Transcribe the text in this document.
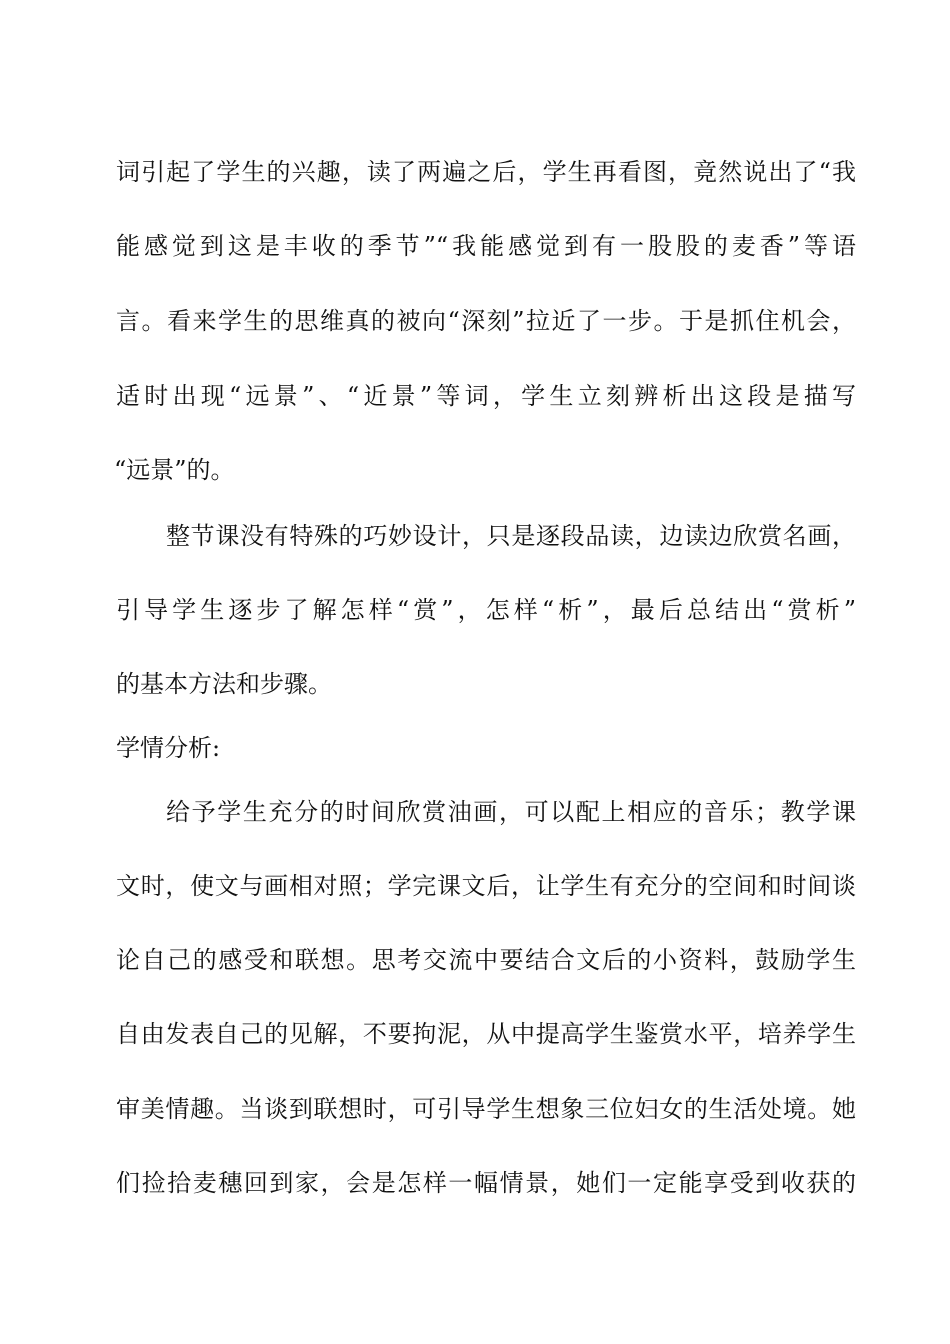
词引起了学生的兴趣，读了两遍之后，学生再看图，竟然说出了“我
能感觉到这是丰收的季节”“我能感觉到有一股股的麦香”等语
言。看来学生的思维真的被向“深刻”拉近了一步。于是抓住机会，
适时出现“远景”、“近景”等词，学生立刻辨析出这段是描写
“远景”的。
整节课没有特殊的巧妙设计，只是逐段品读，边读边欣赏名画，
引导学生逐步了解怎样“赏”，怎样“析”，最后总结出“赏析”
的基本方法和步骤。
学情分析:
给予学生充分的时间欣赏油画，可以配上相应的音乐；教学课
文时，使文与画相对照；学完课文后，让学生有充分的空间和时间谈
论自己的感受和联想。思考交流中要结合文后的小资料，鼓励学生
自由发表自己的见解，不要拘泥，从中提高学生鉴赏水平，培养学生
审美情趣。当谈到联想时，可引导学生想象三位妇女的生活处境。她
们捡拾麦穗回到家，会是怎样一幅情景，她们一定能享受到收获的
